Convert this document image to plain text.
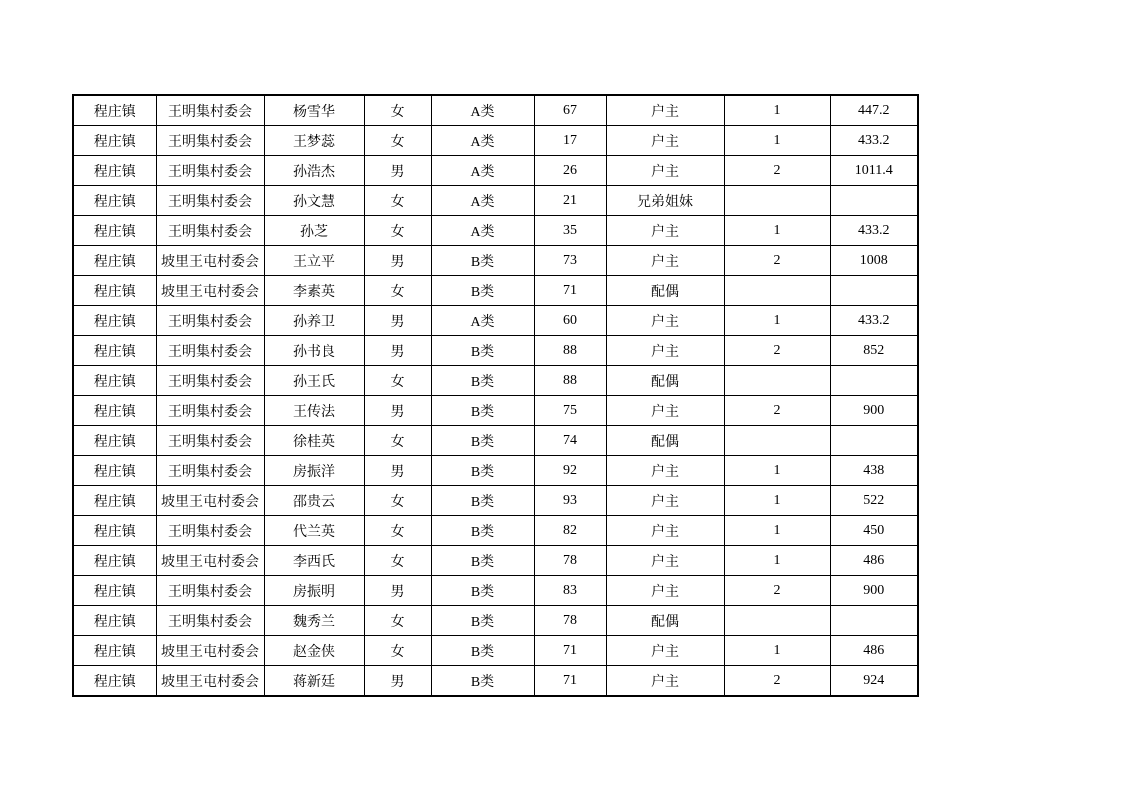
程庄镇	王明集村委会	杨雪华	女	A类	67	户主	1	447.2
程庄镇	王明集村委会	王梦蕊	女	A类	17	户主	1	433.2
程庄镇	王明集村委会	孙浩杰	男	A类	26	户主	2	1011.4
程庄镇	王明集村委会	孙文慧	女	A类	21	兄弟姐妹		
程庄镇	王明集村委会	孙芝	女	A类	35	户主	1	433.2
程庄镇	坡里王屯村委会	王立平	男	B类	73	户主	2	1008
程庄镇	坡里王屯村委会	李素英	女	B类	71	配偶		
程庄镇	王明集村委会	孙养卫	男	A类	60	户主	1	433.2
程庄镇	王明集村委会	孙书良	男	B类	88	户主	2	852
程庄镇	王明集村委会	孙王氏	女	B类	88	配偶		
程庄镇	王明集村委会	王传法	男	B类	75	户主	2	900
程庄镇	王明集村委会	徐桂英	女	B类	74	配偶		
程庄镇	王明集村委会	房振洋	男	B类	92	户主	1	438
程庄镇	坡里王屯村委会	邵贵云	女	B类	93	户主	1	522
程庄镇	王明集村委会	代兰英	女	B类	82	户主	1	450
程庄镇	坡里王屯村委会	李西氏	女	B类	78	户主	1	486
程庄镇	王明集村委会	房振明	男	B类	83	户主	2	900
程庄镇	王明集村委会	魏秀兰	女	B类	78	配偶		
程庄镇	坡里王屯村委会	赵金侠	女	B类	71	户主	1	486
程庄镇	坡里王屯村委会	蒋新廷	男	B类	71	户主	2	924
